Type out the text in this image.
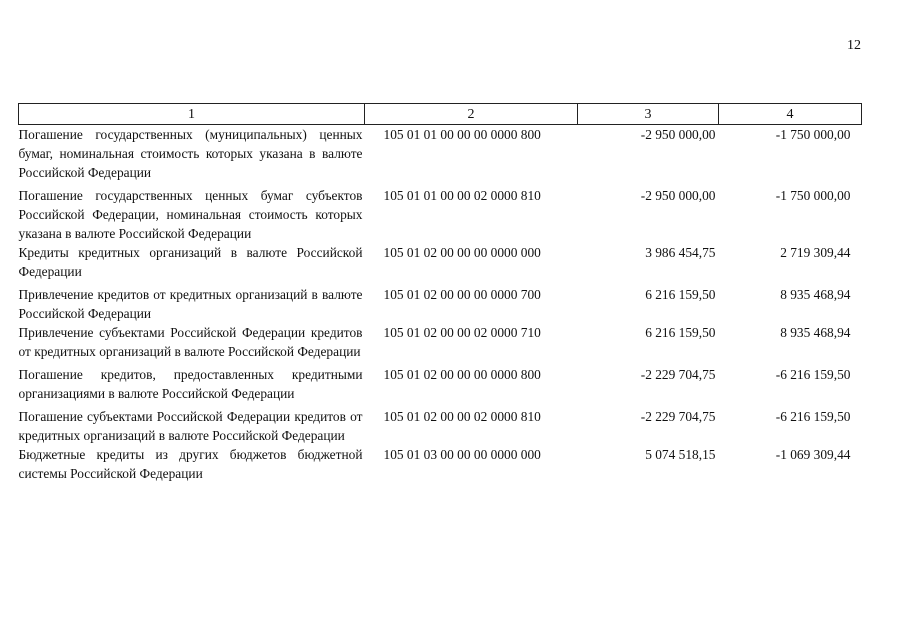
12
1	2	3	4
Погашение государственных (муниципальных) ценных бумаг, номинальная стоимость которых указана в валюте Российской Федерации	105 01 01 00 00 00 0000 800	-2 950 000,00	-1 750 000,00
Погашение государственных ценных бумаг субъектов Российской Федерации, номинальная стоимость которых указана в валюте Российской Федерации	105 01 01 00 00 02 0000 810	-2 950 000,00	-1 750 000,00
Кредиты кредитных организаций в валюте Российской Федерации	105 01 02 00 00 00 0000 000	3 986 454,75	2 719 309,44
Привлечение кредитов от кредитных организаций в валюте Российской Федерации	105 01 02 00 00 00 0000 700	6 216 159,50	8 935 468,94
Привлечение субъектами Российской Федерации кредитов от кредитных организаций в валюте Российской Федерации	105 01 02 00 00 02 0000 710	6 216 159,50	8 935 468,94
Погашение кредитов, предоставленных кредитными организациями в валюте Российской Федерации	105 01 02 00 00 00 0000 800	-2 229 704,75	-6 216 159,50
Погашение субъектами Российской Федерации кредитов от кредитных организаций в валюте Российской Федерации	105 01 02 00 00 02 0000 810	-2 229 704,75	-6 216 159,50
Бюджетные кредиты из других бюджетов бюджетной системы Российской Федерации	105 01 03 00 00 00 0000 000	5 074 518,15	-1 069 309,44
